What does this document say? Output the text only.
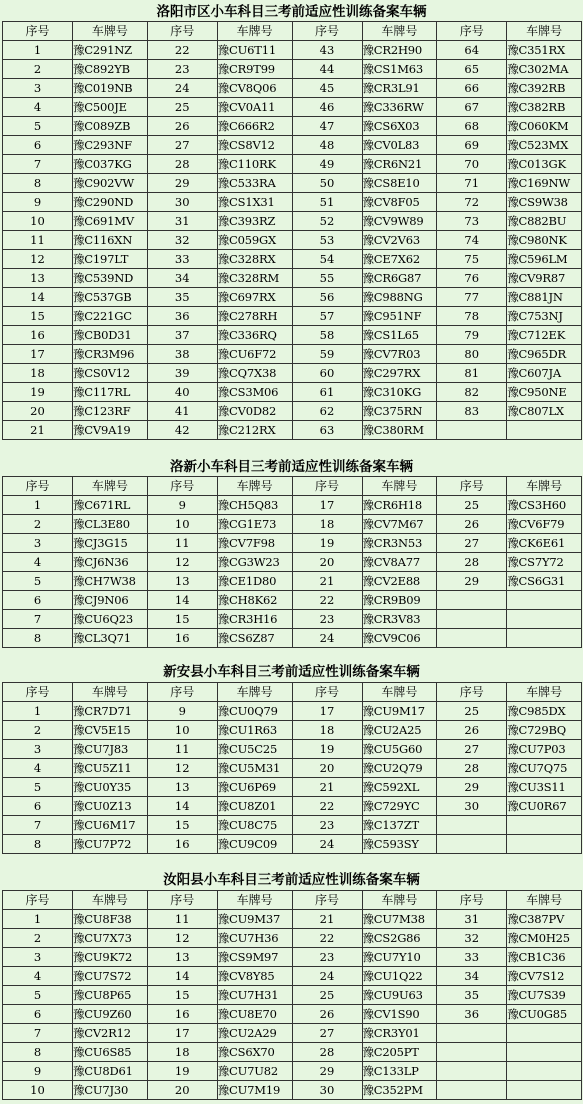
洛阳市区小车科目三考前适应性训练备案车辆
序号	车牌号	序号	车牌号	序号	车牌号	序号	车牌号
1	豫C291NZ	22	豫CU6T11	43	豫CR2H90	64	豫C351RX
2	豫C892YB	23	豫CR9T99	44	豫CS1M63	65	豫C302MA
3	豫C019NB	24	豫CV8Q06	45	豫CR3L91	66	豫C392RB
4	豫C500JE	25	豫CV0A11	46	豫C336RW	67	豫C382RB
5	豫C089ZB	26	豫C666R2	47	豫CS6X03	68	豫C060KM
6	豫C293NF	27	豫CS8V12	48	豫CV0L83	69	豫C523MX
7	豫C037KG	28	豫C110RK	49	豫CR6N21	70	豫C013GK
8	豫C902VW	29	豫C533RA	50	豫CS8E10	71	豫C169NW
9	豫C290ND	30	豫CS1X31	51	豫CV8F05	72	豫CS9W38
10	豫C691MV	31	豫C393RZ	52	豫CV9W89	73	豫C882BU
11	豫C116XN	32	豫C059GX	53	豫CV2V63	74	豫C980NK
12	豫C197LT	33	豫C328RX	54	豫CE7X62	75	豫C596LM
13	豫C539ND	34	豫C328RM	55	豫CR6G87	76	豫CV9R87
14	豫C537GB	35	豫C697RX	56	豫C988NG	77	豫C881JN
15	豫C221GC	36	豫C278RH	57	豫C951NF	78	豫C753NJ
16	豫CB0D31	37	豫C336RQ	58	豫CS1L65	79	豫C712EK
17	豫CR3M96	38	豫CU6F72	59	豫CV7R03	80	豫C965DR
18	豫CS0V12	39	豫CQ7X38	60	豫C297RX	81	豫C607JA
19	豫C117RL	40	豫CS3M06	61	豫C310KG	82	豫C950NE
20	豫C123RF	41	豫CV0D82	62	豫C375RN	83	豫C807LX
21	豫CV9A19	42	豫C212RX	63	豫C380RM		
洛新小车科目三考前适应性训练备案车辆
序号	车牌号	序号	车牌号	序号	车牌号	序号	车牌号
1	豫C671RL	9	豫CH5Q83	17	豫CR6H18	25	豫CS3H60
2	豫CL3E80	10	豫CG1E73	18	豫CV7M67	26	豫CV6F79
3	豫CJ3G15	11	豫CV7F98	19	豫CR3N53	27	豫CK6E61
4	豫CJ6N36	12	豫CG3W23	20	豫CV8A77	28	豫CS7Y72
5	豫CH7W38	13	豫CE1D80	21	豫CV2E88	29	豫CS6G31
6	豫CJ9N06	14	豫CH8K62	22	豫CR9B09		
7	豫CU6Q23	15	豫CR3H16	23	豫CR3V83		
8	豫CL3Q71	16	豫CS6Z87	24	豫CV9C06		
新安县小车科目三考前适应性训练备案车辆
序号	车牌号	序号	车牌号	序号	车牌号	序号	车牌号
1	豫CR7D71	9	豫CU0Q79	17	豫CU9M17	25	豫C985DX
2	豫CV5E15	10	豫CU1R63	18	豫CU2A25	26	豫C729BQ
3	豫CU7J83	11	豫CU5C25	19	豫CU5G60	27	豫CU7P03
4	豫CU5Z11	12	豫CU5M31	20	豫CU2Q79	28	豫CU7Q75
5	豫CU0Y35	13	豫CU6P69	21	豫C592XL	29	豫CU3S11
6	豫CU0Z13	14	豫CU8Z01	22	豫C729YC	30	豫CU0R67
7	豫CU6M17	15	豫CU8C75	23	豫C137ZT		
8	豫CU7P72	16	豫CU9C09	24	豫C593SY		
汝阳县小车科目三考前适应性训练备案车辆
序号	车牌号	序号	车牌号	序号	车牌号	序号	车牌号
1	豫CU8F38	11	豫CU9M37	21	豫CU7M38	31	豫C387PV
2	豫CU7X73	12	豫CU7H36	22	豫CS2G86	32	豫CM0H25
3	豫CU9K72	13	豫CS9M97	23	豫CU7Y10	33	豫CB1C36
4	豫CU7S72	14	豫CV8Y85	24	豫CU1Q22	34	豫CV7S12
5	豫CU8P65	15	豫CU7H31	25	豫CU9U63	35	豫CU7S39
6	豫CU9Z60	16	豫CU8E70	26	豫CV1S90	36	豫CU0G85
7	豫CV2R12	17	豫CU2A29	27	豫CR3Y01		
8	豫CU6S85	18	豫CS6X70	28	豫C205PT		
9	豫CU8D61	19	豫CU7U82	29	豫C133LP		
10	豫CU7J30	20	豫CU7M19	30	豫C352PM		
